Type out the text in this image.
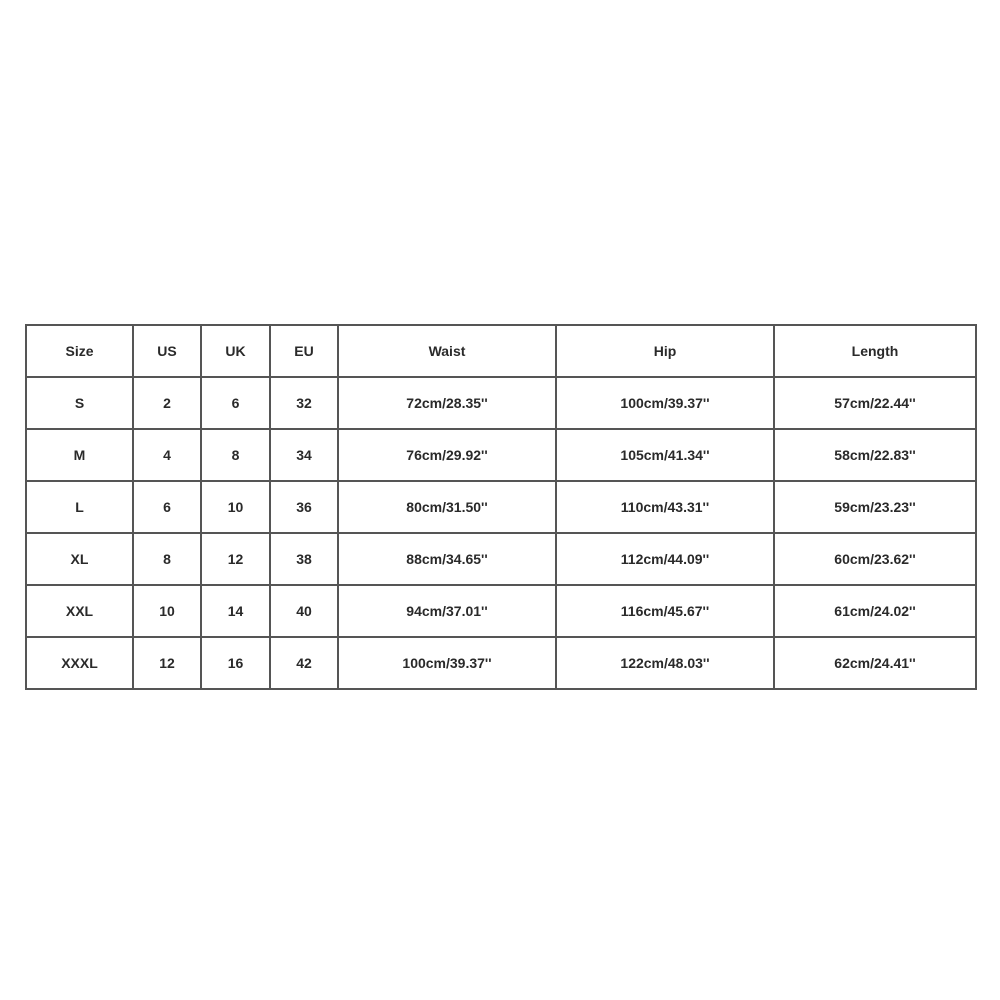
Size	US	UK	EU	Waist	Hip	Length
S	2	6	32	72cm/28.35''	100cm/39.37''	57cm/22.44''
M	4	8	34	76cm/29.92''	105cm/41.34''	58cm/22.83''
L	6	10	36	80cm/31.50''	110cm/43.31''	59cm/23.23''
XL	8	12	38	88cm/34.65''	112cm/44.09''	60cm/23.62''
XXL	10	14	40	94cm/37.01''	116cm/45.67''	61cm/24.02''
XXXL	12	16	42	100cm/39.37''	122cm/48.03''	62cm/24.41''
